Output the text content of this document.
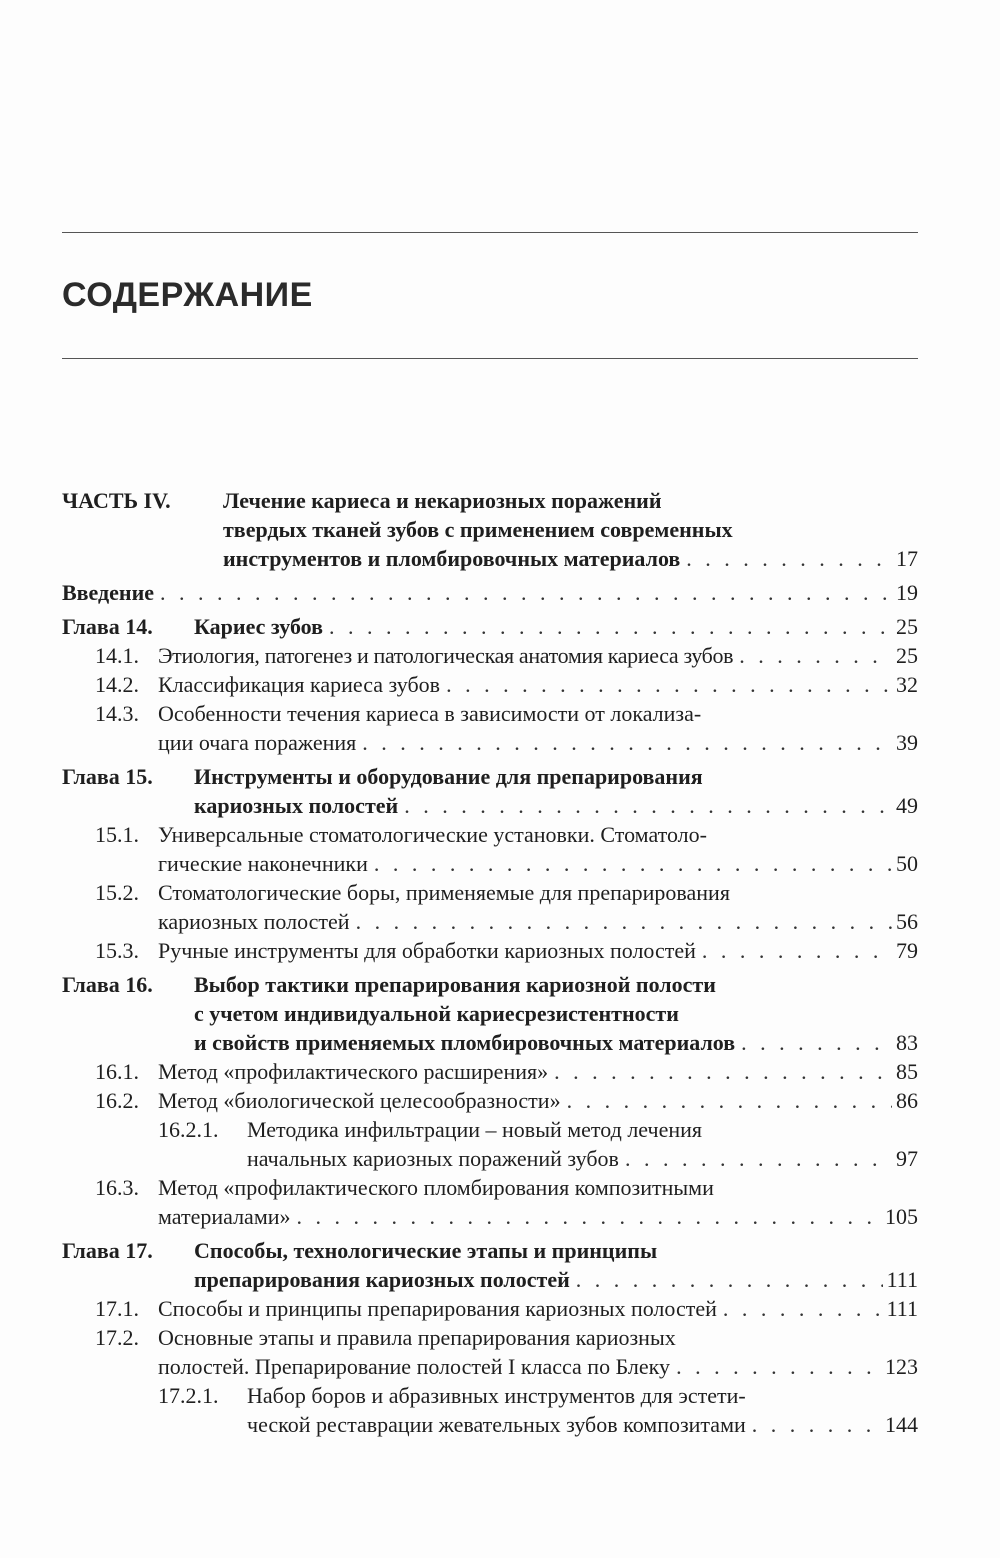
СОДЕРЖАНИЕ
ЧАСТЬ IV. Лечение кариеса и некариозных поражений
твердых тканей зубов с применением современных
инструментов и пломбировочных материалов . . .	17
Введение . . .	19
Глава 14. Кариес зубов . . .	25
14.1. Этиология, патогенез и патологическая анатомия кариеса зубов . . .	25
14.2. Классификация кариеса зубов . . .	32
14.3. Особенности течения кариеса в зависимости от локализа-
ции очага поражения . . .	39
Глава 15. Инструменты и оборудование для препарирования
кариозных полостей . . .	49
15.1. Универсальные стоматологические установки. Стоматоло-
гические наконечники . . .	50
15.2. Стоматологические боры, применяемые для препарирования
кариозных полостей . . .	56
15.3. Ручные инструменты для обработки кариозных полостей . . .	79
Глава 16. Выбор тактики препарирования кариозной полости
с учетом индивидуальной кариесрезистентности
и свойств применяемых пломбировочных материалов . . .	83
16.1. Метод «профилактического расширения» . . .	85
16.2. Метод «биологической целесообразности» . . .	86
16.2.1. Методика инфильтрации – новый метод лечения
начальных кариозных поражений зубов . . .	97
16.3. Метод «профилактического пломбирования композитными
материалами» . . .	105
Глава 17. Способы, технологические этапы и принципы
препарирования кариозных полостей . . .	111
17.1. Способы и принципы препарирования кариозных полостей . . .	111
17.2. Основные этапы и правила препарирования кариозных
полостей. Препарирование полостей I класса по Блеку . . .	123
17.2.1. Набор боров и абразивных инструментов для эстети-
ческой реставрации жевательных зубов композитами . . .	144
